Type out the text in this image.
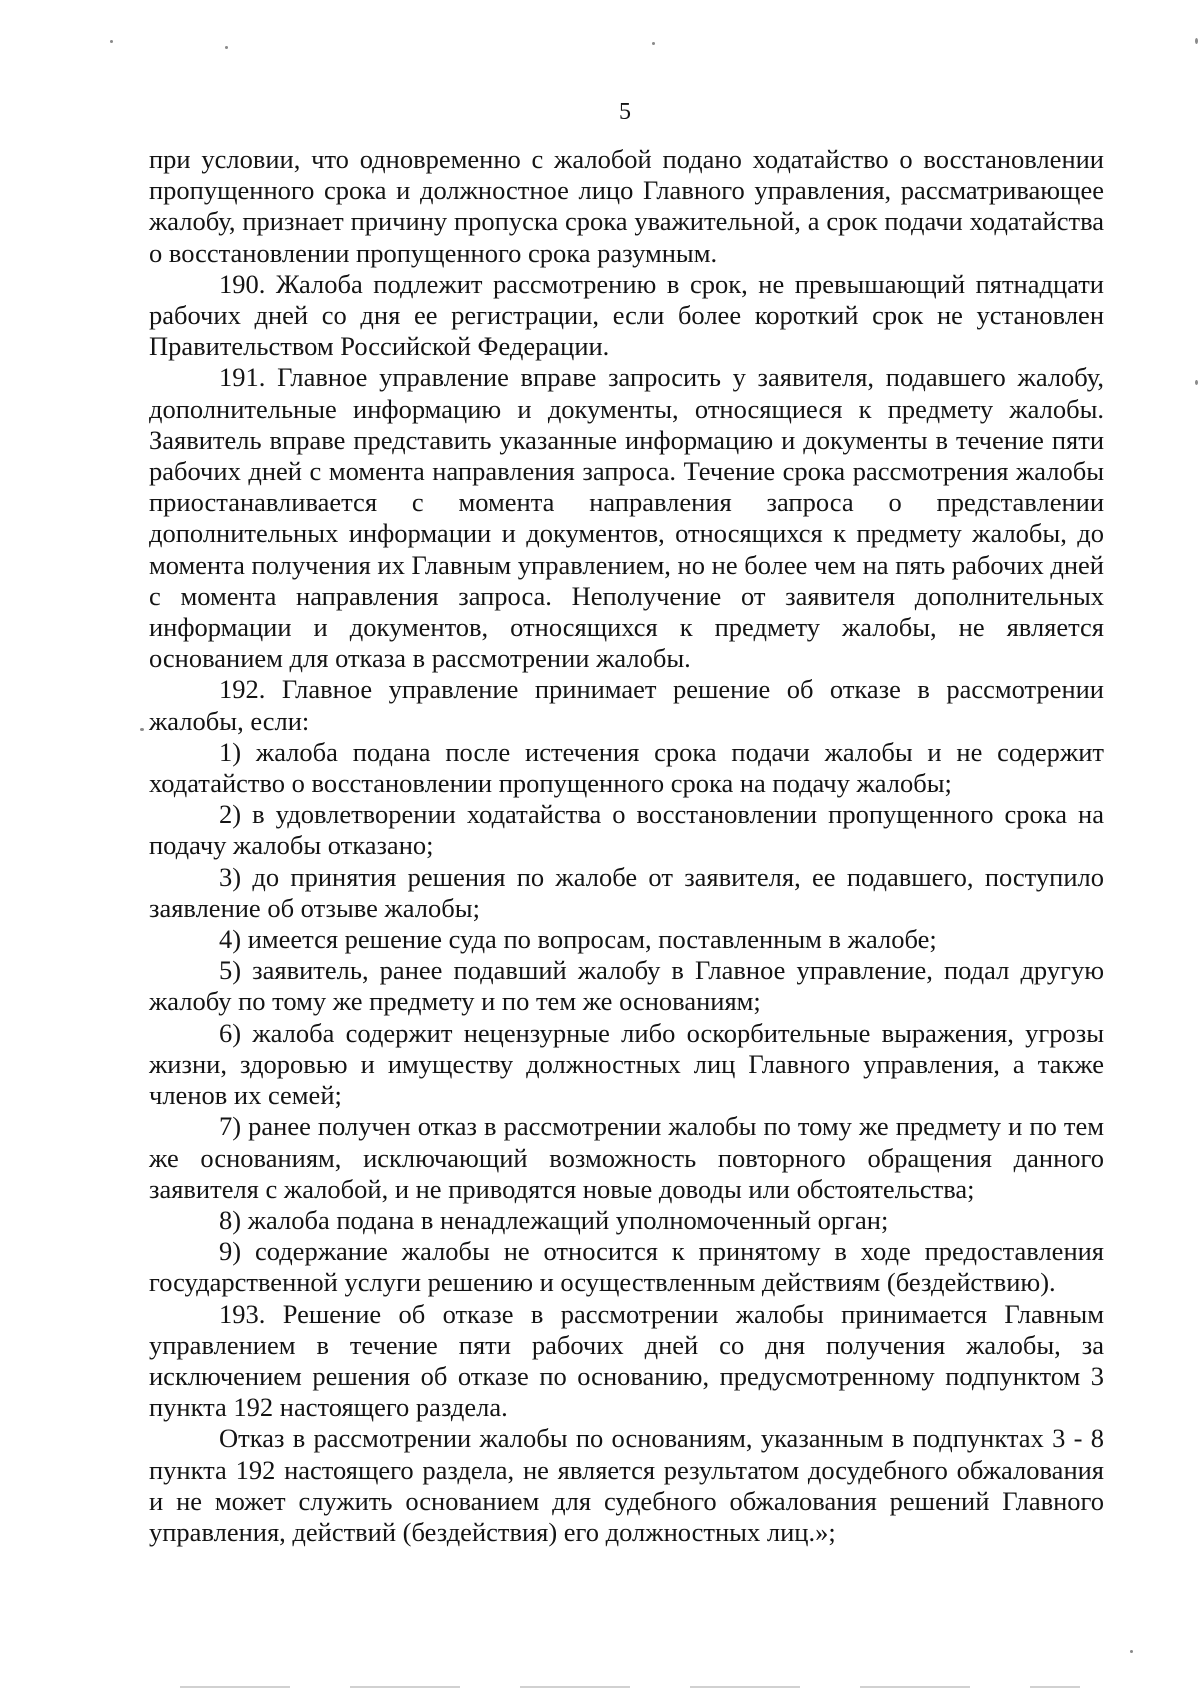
5

при условии, что одновременно с жалобой подано ходатайство о восстановлении пропущенного срока и должностное лицо Главного управления, рассматривающее жалобу, признает причину пропуска срока уважительной, а срок подачи ходатайства о восстановлении пропущенного срока разумным.

190. Жалоба подлежит рассмотрению в срок, не превышающий пятнадцати рабочих дней со дня ее регистрации, если более короткий срок не установлен Правительством Российской Федерации.

191. Главное управление вправе запросить у заявителя, подавшего жалобу, дополнительные информацию и документы, относящиеся к предмету жалобы. Заявитель вправе представить указанные информацию и документы в течение пяти рабочих дней с момента направления запроса. Течение срока рассмотрения жалобы приостанавливается с момента направления запроса о представлении дополнительных информации и документов, относящихся к предмету жалобы, до момента получения их Главным управлением, но не более чем на пять рабочих дней с момента направления запроса. Неполучение от заявителя дополнительных информации и документов, относящихся к предмету жалобы, не является основанием для отказа в рассмотрении жалобы.

192. Главное управление принимает решение об отказе в рассмотрении жалобы, если:

1) жалоба подана после истечения срока подачи жалобы и не содержит ходатайство о восстановлении пропущенного срока на подачу жалобы;

2) в удовлетворении ходатайства о восстановлении пропущенного срока на подачу жалобы отказано;

3) до принятия решения по жалобе от заявителя, ее подавшего, поступило заявление об отзыве жалобы;

4) имеется решение суда по вопросам, поставленным в жалобе;

5) заявитель, ранее подавший жалобу в Главное управление, подал другую жалобу по тому же предмету и по тем же основаниям;

6) жалоба содержит нецензурные либо оскорбительные выражения, угрозы жизни, здоровью и имуществу должностных лиц Главного управления, а также членов их семей;

7) ранее получен отказ в рассмотрении жалобы по тому же предмету и по тем же основаниям, исключающий возможность повторного обращения данного заявителя с жалобой, и не приводятся новые доводы или обстоятельства;

8) жалоба подана в ненадлежащий уполномоченный орган;

9) содержание жалобы не относится к принятому в ходе предоставления государственной услуги решению и осуществленным действиям (бездействию).

193. Решение об отказе в рассмотрении жалобы принимается Главным управлением в течение пяти рабочих дней со дня получения жалобы, за исключением решения об отказе по основанию, предусмотренному подпунктом 3 пункта 192 настоящего раздела.

Отказ в рассмотрении жалобы по основаниям, указанным в подпунктах 3 - 8 пункта 192 настоящего раздела, не является результатом досудебного обжалования и не может служить основанием для судебного обжалования решений Главного управления, действий (бездействия) его должностных лиц.»;
